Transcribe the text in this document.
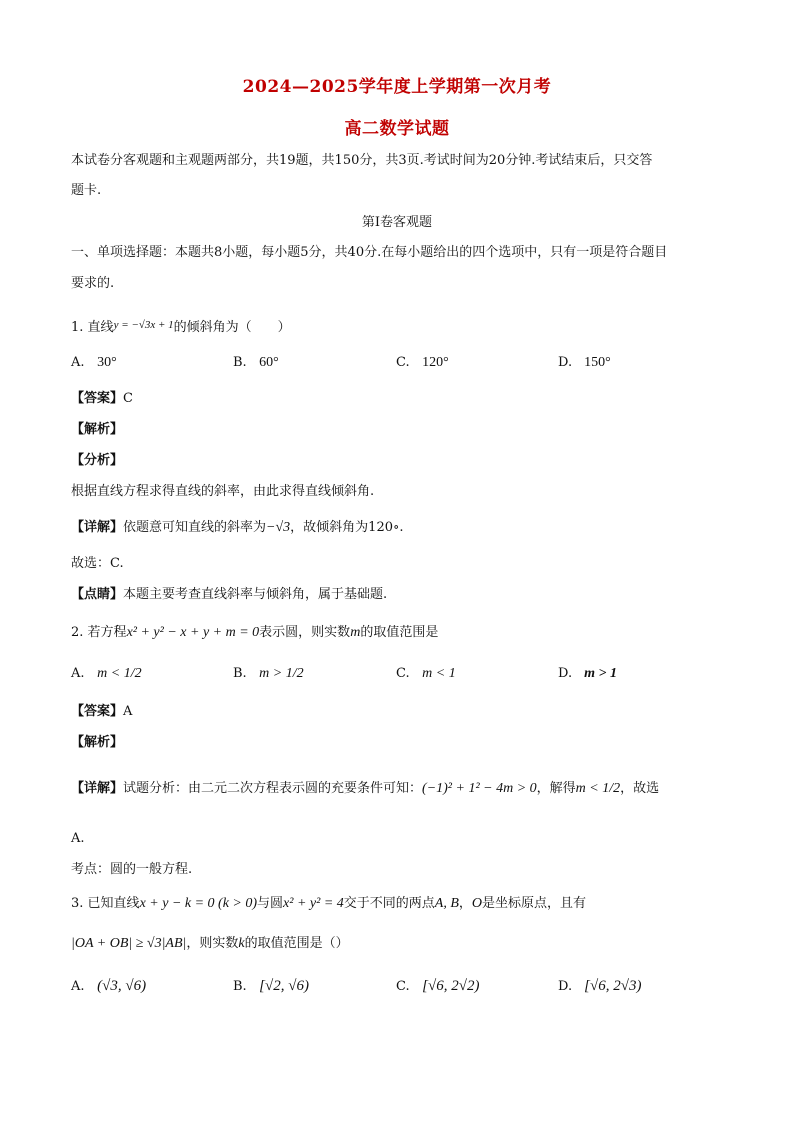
2024—2025学年度上学期第一次月考
高二数学试题
本试卷分客观题和主观题两部分，共19题，共150分，共3页.考试时间为20分钟.考试结束后，只交答
题卡.
第Ⅰ卷客观题
一、单项选择题：本题共8小题，每小题5分，共40分.在每小题给出的四个选项中，只有一项是符合题目
要求的.
1. 直线$^{y = -√3x + 1}$的倾斜角为（　　）
A. 30°	B. 60°	C. 120°	D. 150°
【答案】C
【解析】
【分析】
根据直线方程求得直线的斜率，由此求得直线倾斜角.
【详解】依题意可知直线的斜率为−√3，故倾斜角为120∘.
故选：C.
【点睛】本题主要考查直线斜率与倾斜角，属于基础题.
2. 若方程x² + y² − x + y + m = 0表示圆，则实数m的取值范围是
A. m < 1/2	B. m > 1/2	C. m < 1	D. m > 1
【答案】A
【解析】
【详解】试题分析：由二元二次方程表示圆的充要条件可知：(−1)² + 1² − 4m > 0，解得m < 1/2，故选
A.
考点：圆的一般方程.
3. 已知直线x + y − k = 0 (k > 0)与圆x² + y² = 4交于不同的两点A, B，O是坐标原点，且有
|OA + OB| ≥ √3|AB|，则实数k的取值范围是（）
A. (√3, √6)	B. [√2, √6)	C. [√6, 2√2)	D. [√6, 2√3)
